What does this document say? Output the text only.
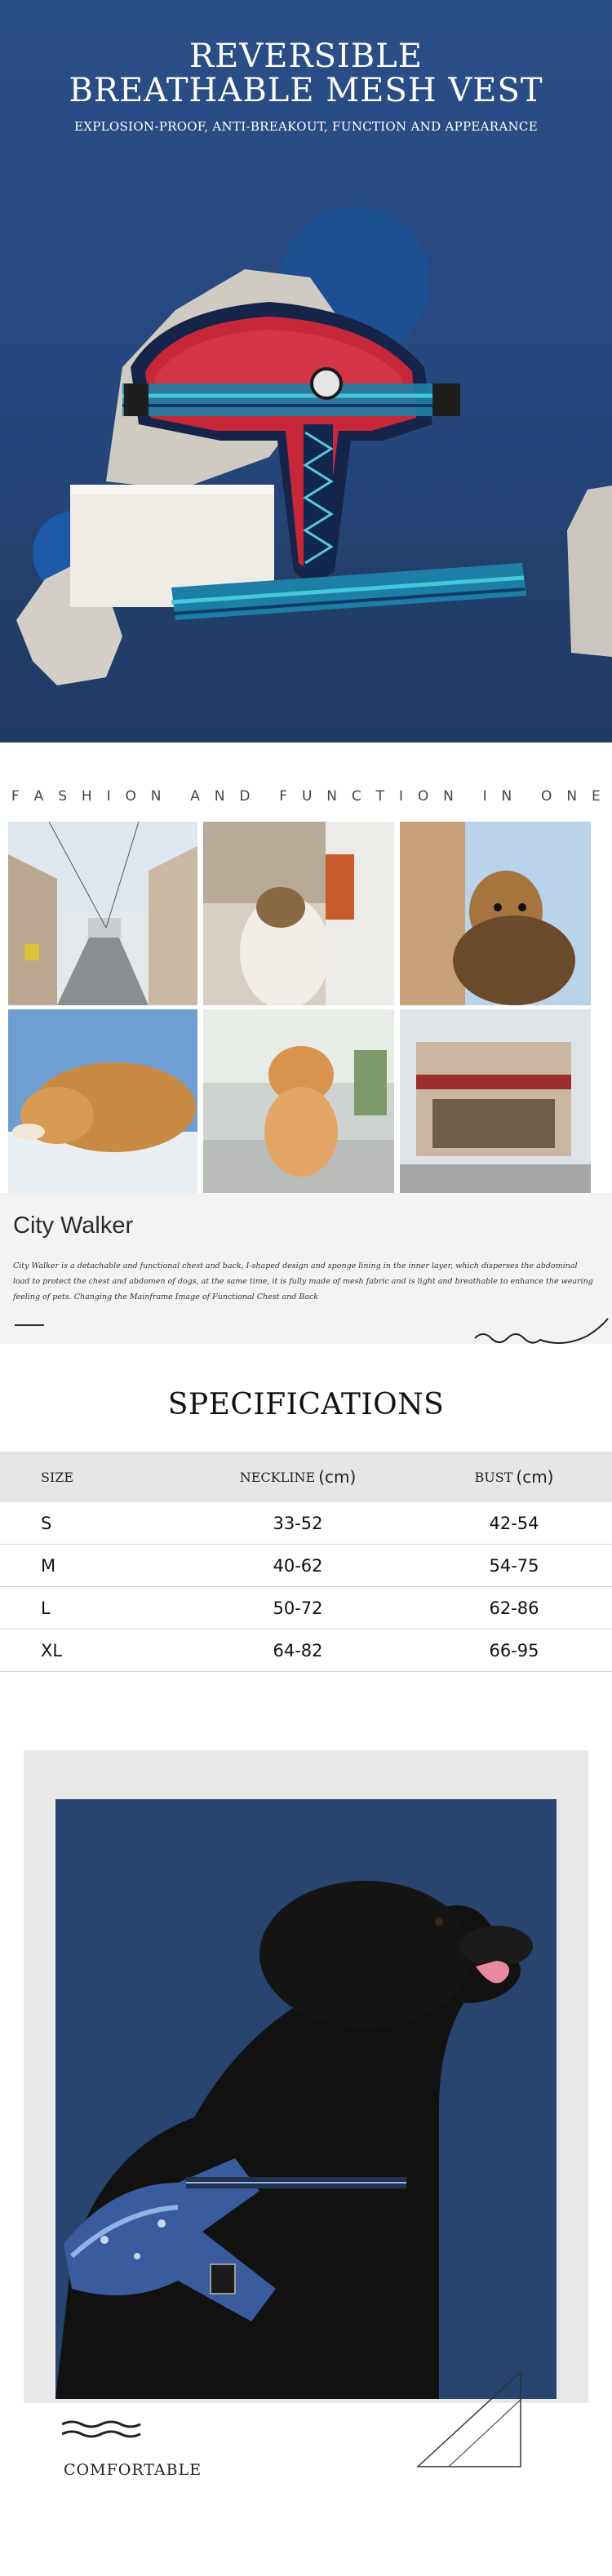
REVERSIBLE
BREATHABLE MESH VEST
EXPLOSION-PROOF, ANTI-BREAKOUT, FUNCTION AND APPEARANCE
F A S H I O N A N D F U N C T I O N I N O N E
City Walker
City Walker is a detachable and functional chest and back, I-shaped design and sponge lining in the inner layer, which disperses the abdominal load to protect the chest and abdomen of dogs, at the same time, it is fully made of mesh fabric and is light and breathable to enhance the wearing feeling of pets. Changing the Mainframe Image of Functional Chest and Back
SPECIFICATIONS
SIZE	NECKLINE (cm)	BUST (cm)
S	33-52	42-54
M	40-62	54-75
L	50-72	62-86
XL	64-82	66-95
COMFORTABLE
